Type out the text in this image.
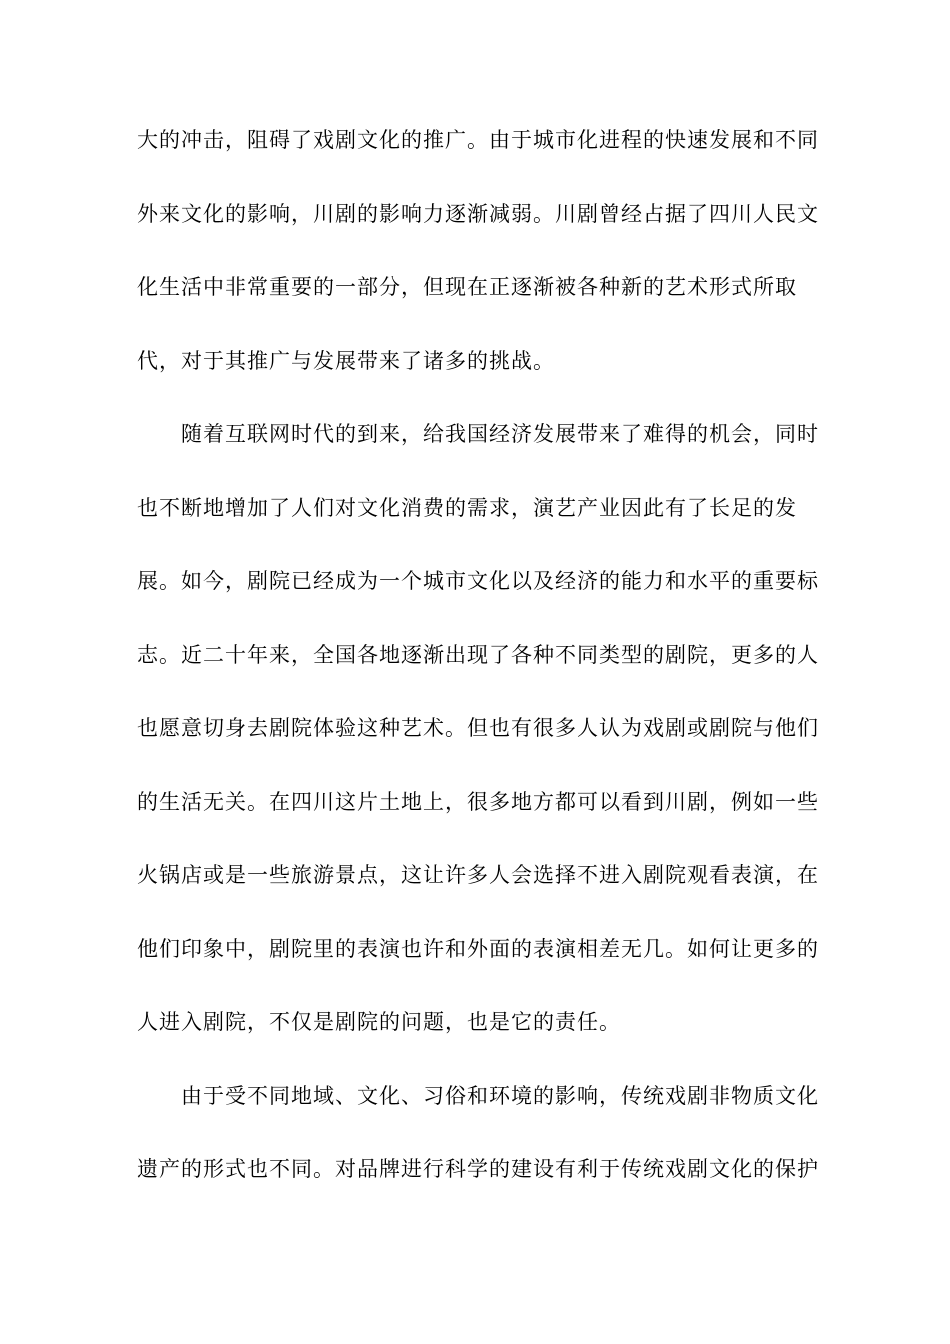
大的冲击，阻碍了戏剧文化的推广。由于城市化进程的快速发展和不同
外来文化的影响，川剧的影响力逐渐减弱。川剧曾经占据了四川人民文
化生活中非常重要的一部分，但现在正逐渐被各种新的艺术形式所取
代，对于其推广与发展带来了诸多的挑战。
随着互联网时代的到来，给我国经济发展带来了难得的机会，同时
也不断地增加了人们对文化消费的需求，演艺产业因此有了长足的发
展。如今，剧院已经成为一个城市文化以及经济的能力和水平的重要标
志。近二十年来，全国各地逐渐出现了各种不同类型的剧院，更多的人
也愿意切身去剧院体验这种艺术。但也有很多人认为戏剧或剧院与他们
的生活无关。在四川这片土地上，很多地方都可以看到川剧，例如一些
火锅店或是一些旅游景点，这让许多人会选择不进入剧院观看表演，在
他们印象中，剧院里的表演也许和外面的表演相差无几。如何让更多的
人进入剧院，不仅是剧院的问题，也是它的责任。
由于受不同地域、文化、习俗和环境的影响，传统戏剧非物质文化
遗产的形式也不同。对品牌进行科学的建设有利于传统戏剧文化的保护
